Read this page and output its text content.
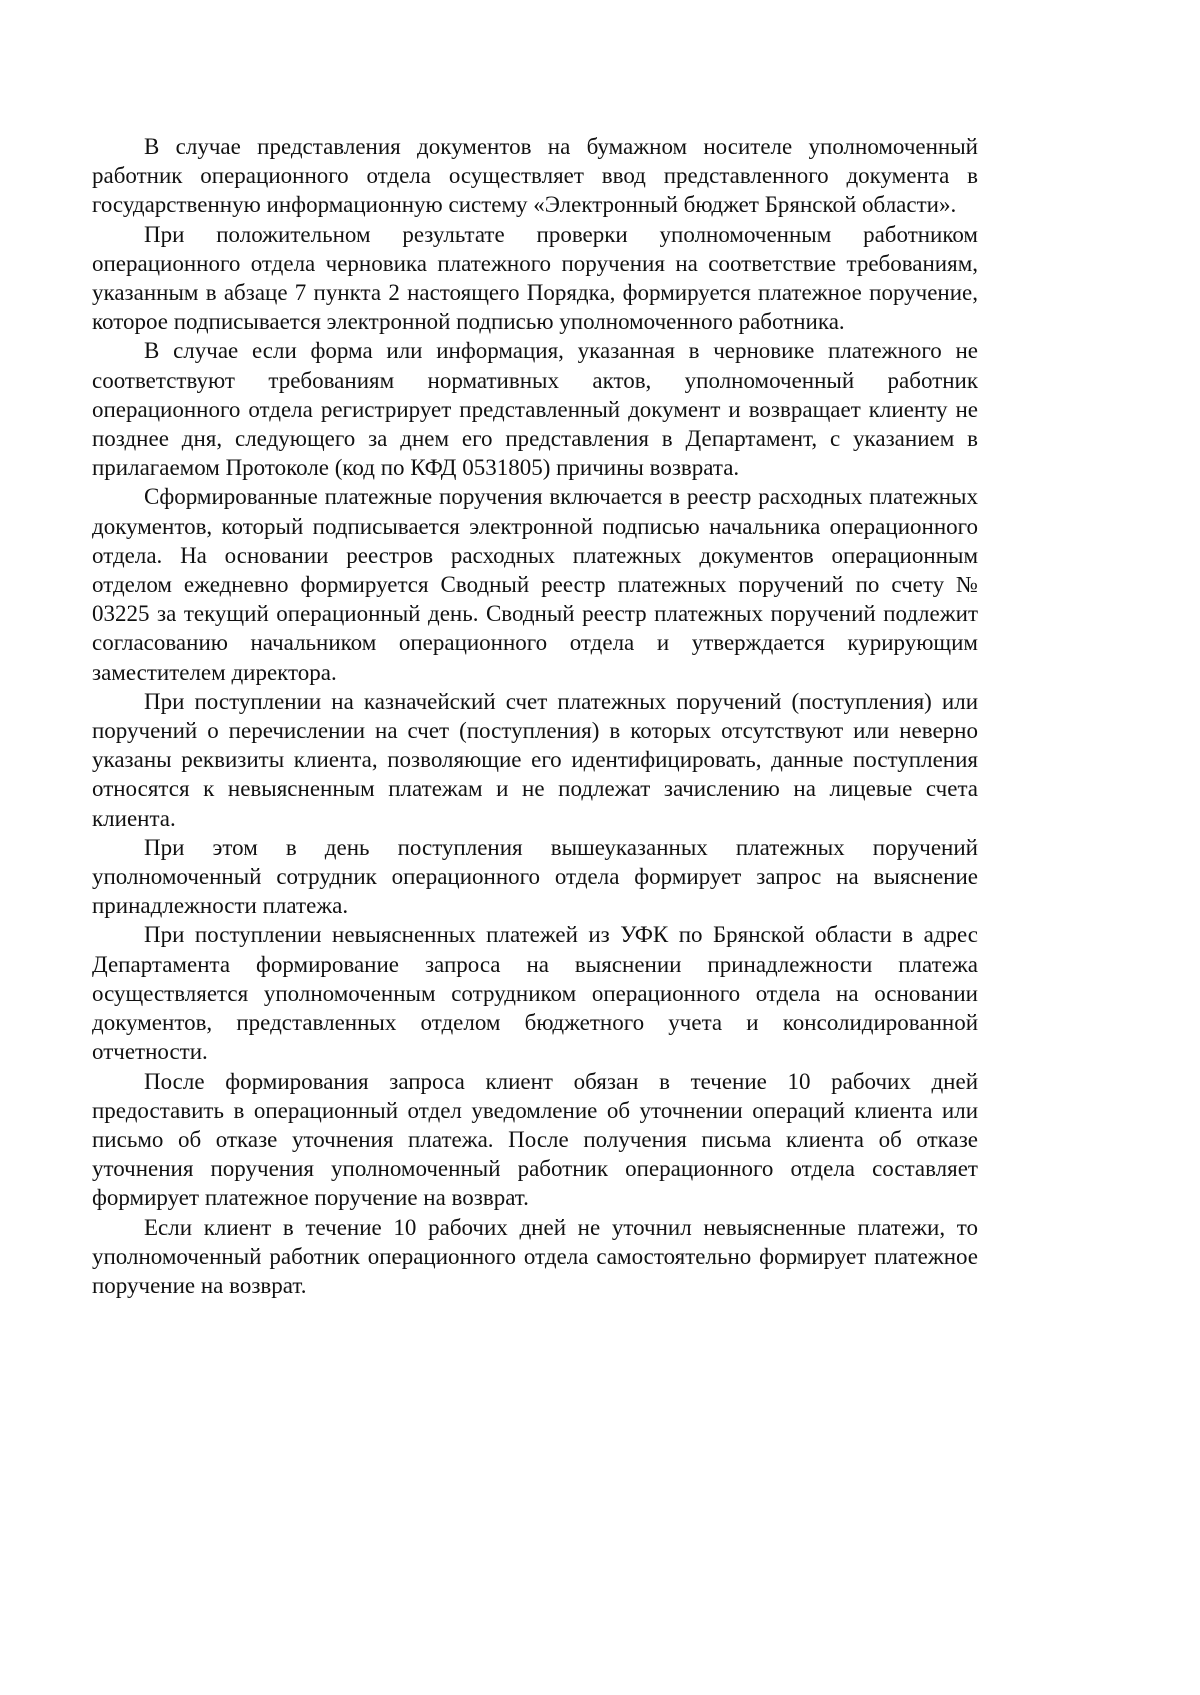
В случае представления документов на бумажном носителе уполномоченный работник операционного отдела осуществляет ввод представленного документа в государственную информационную систему «Электронный бюджет Брянской области».

При положительном результате проверки уполномоченным работником операционного отдела черновика платежного поручения на соответствие требованиям, указанным в абзаце 7 пункта 2 настоящего Порядка, формируется платежное поручение, которое подписывается электронной подписью уполномоченного работника.

В случае если форма или информация, указанная в черновике платежного не соответствуют требованиям нормативных актов, уполномоченный работник операционного отдела регистрирует представленный документ и возвращает клиенту не позднее дня, следующего за днем его представления в Департамент, с указанием в прилагаемом Протоколе (код по КФД 0531805) причины возврата.

Сформированные платежные поручения включается в реестр расходных платежных документов, который подписывается электронной подписью начальника операционного отдела. На основании реестров расходных платежных документов операционным отделом ежедневно формируется Сводный реестр платежных поручений по счету № 03225 за текущий операционный день. Сводный реестр платежных поручений подлежит согласованию начальником операционного отдела и утверждается курирующим заместителем директора.

При поступлении на казначейский счет платежных поручений (поступления) или поручений о перечислении на счет (поступления) в которых отсутствуют или неверно указаны реквизиты клиента, позволяющие его идентифицировать, данные поступления относятся к невыясненным платежам и не подлежат зачислению на лицевые счета клиента.

При этом в день поступления вышеуказанных платежных поручений уполномоченный сотрудник операционного отдела формирует запрос на выяснение принадлежности платежа.

При поступлении невыясненных платежей из УФК по Брянской области в адрес Департамента формирование запроса на выяснении принадлежности платежа осуществляется уполномоченным сотрудником операционного отдела на основании документов, представленных отделом бюджетного учета и консолидированной отчетности.

После формирования запроса клиент обязан в течение 10 рабочих дней предоставить в операционный отдел уведомление об уточнении операций клиента или письмо об отказе уточнения платежа. После получения письма клиента об отказе уточнения поручения уполномоченный работник операционного отдела составляет формирует платежное поручение на возврат.

Если клиент в течение 10 рабочих дней не уточнил невыясненные платежи, то уполномоченный работник операционного отдела самостоятельно формирует платежное поручение на возврат.
